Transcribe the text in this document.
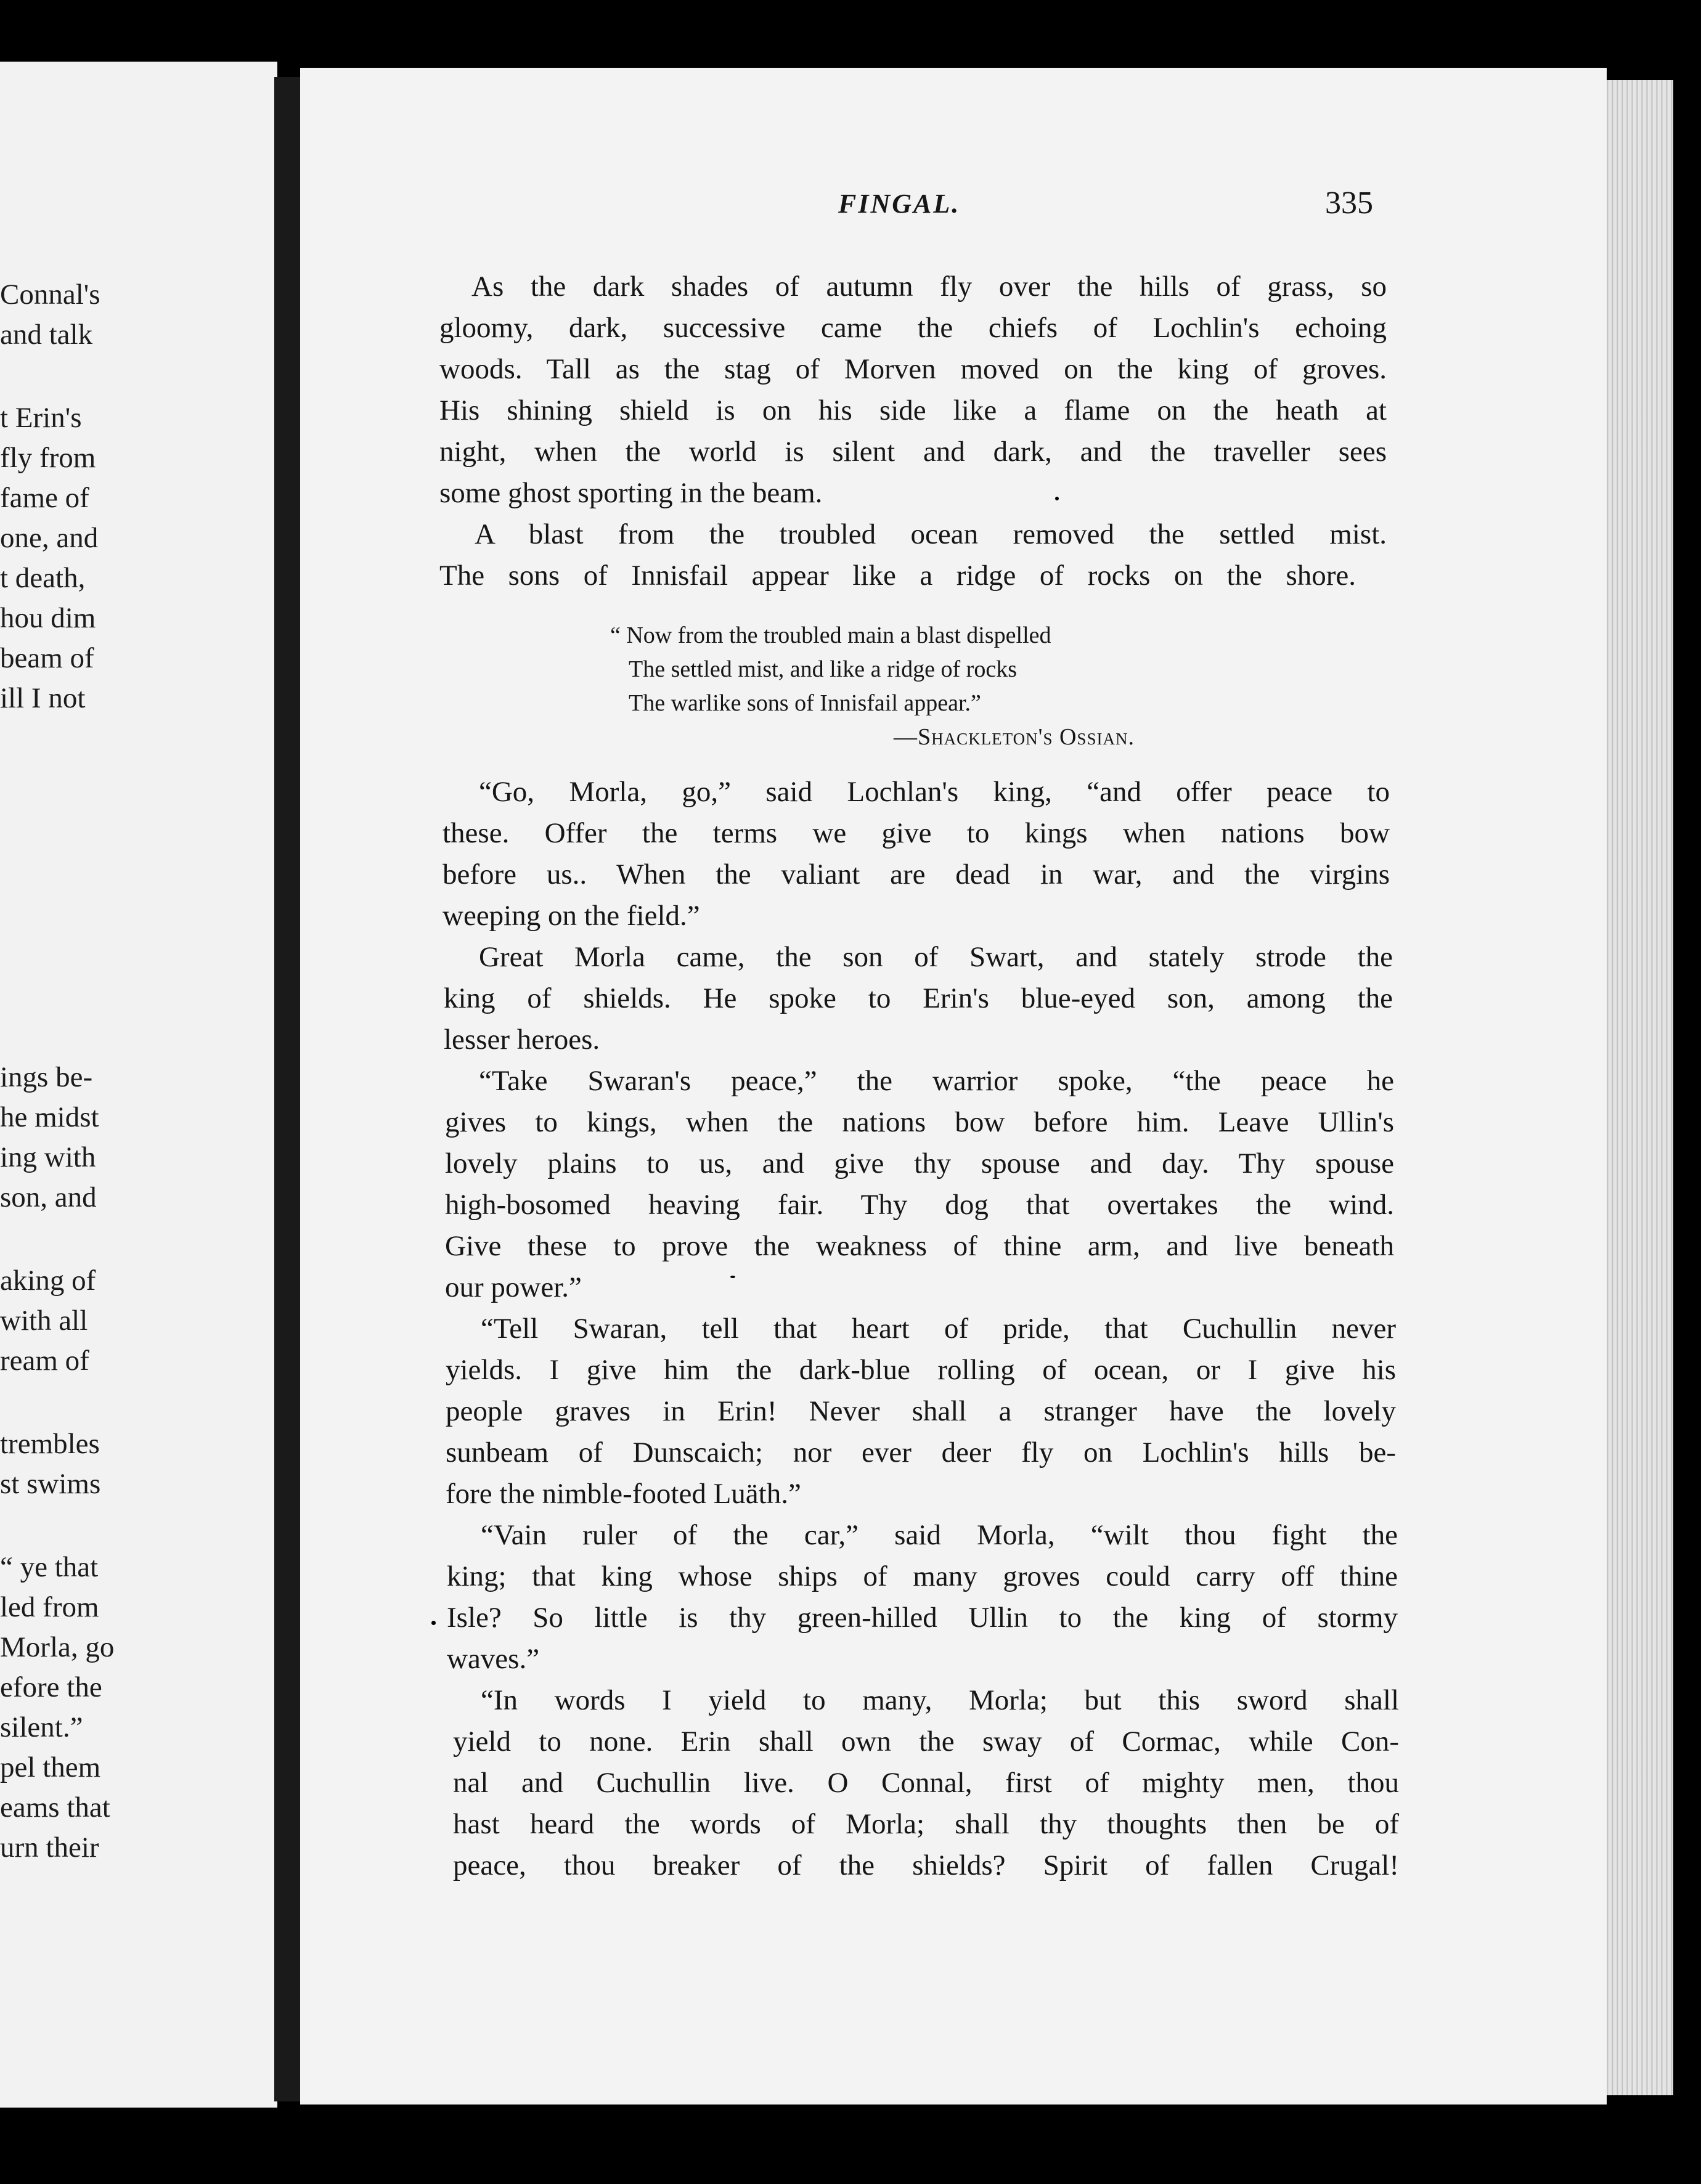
Connal's
and talk
t Erin's
fly from
fame of
one, and
t death,
hou dim
beam of
ill I not
ings be-
he midst
ing with
son, and
aking of
with all
ream of
trembles
st swims
“ ye that
led from
Morla, go
efore the
silent.”
pel them
eams that
urn their
FINGAL.	335
As the dark shades of autumn fly over the hills of grass, so
gloomy, dark, successive came the chiefs of Lochlin's echoing
woods. Tall as the stag of Morven moved on the king of groves.
His shining shield is on his side like a flame on the heath at
night, when the world is silent and dark, and the traveller sees
some ghost sporting in the beam.
A blast from the troubled ocean removed the settled mist.
The sons of Innisfail appear like a ridge of rocks on the shore.
“ Now from the troubled main a blast dispelled
The settled mist, and like a ridge of rocks
The warlike sons of Innisfail appear.”
—Shackleton's Ossian.
“Go, Morla, go,” said Lochlan's king, “and offer peace to
these. Offer the terms we give to kings when nations bow
before us.. When the valiant are dead in war, and the virgins
weeping on the field.”
Great Morla came, the son of Swart, and stately strode the
king of shields. He spoke to Erin's blue-eyed son, among the
lesser heroes.
“Take Swaran's peace,” the warrior spoke, “the peace he
gives to kings, when the nations bow before him. Leave Ullin's
lovely plains to us, and give thy spouse and day. Thy spouse
high-bosomed heaving fair. Thy dog that overtakes the wind.
Give these to prove the weakness of thine arm, and live beneath
our power.”
“Tell Swaran, tell that heart of pride, that Cuchullin never
yields. I give him the dark-blue rolling of ocean, or I give his
people graves in Erin! Never shall a stranger have the lovely
sunbeam of Dunscaich; nor ever deer fly on Lochlin's hills be-
fore the nimble-footed Luäth.”
“Vain ruler of the car,” said Morla, “wilt thou fight the
king; that king whose ships of many groves could carry off thine
Isle? So little is thy green-hilled Ullin to the king of stormy
waves.”
“In words I yield to many, Morla; but this sword shall
yield to none. Erin shall own the sway of Cormac, while Con-
nal and Cuchullin live. O Connal, first of mighty men, thou
hast heard the words of Morla; shall thy thoughts then be of
peace, thou breaker of the shields? Spirit of fallen Crugal!
